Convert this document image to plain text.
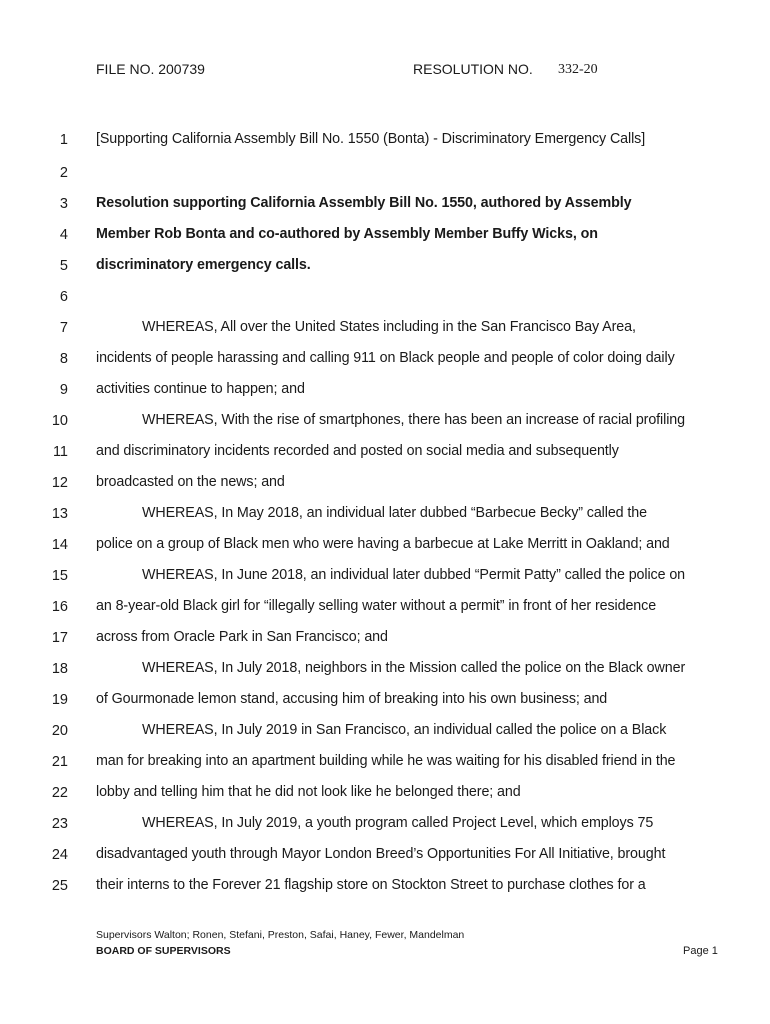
FILE NO. 200739	RESOLUTION NO. 332-20
1 [Supporting California Assembly Bill No. 1550 (Bonta) - Discriminatory Emergency Calls]
2
3 Resolution supporting California Assembly Bill No. 1550, authored by Assembly
4 Member Rob Bonta and co-authored by Assembly Member Buffy Wicks, on
5 discriminatory emergency calls.
6
7	WHEREAS, All over the United States including in the San Francisco Bay Area,
8 incidents of people harassing and calling 911 on Black people and people of color doing daily
9 activities continue to happen; and
10	WHEREAS, With the rise of smartphones, there has been an increase of racial profiling
11 and discriminatory incidents recorded and posted on social media and subsequently
12 broadcasted on the news; and
13	WHEREAS, In May 2018, an individual later dubbed “Barbecue Becky” called the
14 police on a group of Black men who were having a barbecue at Lake Merritt in Oakland; and
15	WHEREAS, In June 2018, an individual later dubbed “Permit Patty” called the police on
16 an 8-year-old Black girl for “illegally selling water without a permit” in front of her residence
17 across from Oracle Park in San Francisco; and
18	WHEREAS, In July 2018, neighbors in the Mission called the police on the Black owner
19 of Gourmonade lemon stand, accusing him of breaking into his own business; and
20	WHEREAS, In July 2019 in San Francisco, an individual called the police on a Black
21 man for breaking into an apartment building while he was waiting for his disabled friend in the
22 lobby and telling him that he did not look like he belonged there; and
23	WHEREAS, In July 2019, a youth program called Project Level, which employs 75
24 disadvantaged youth through Mayor London Breed’s Opportunities For All Initiative, brought
25 their interns to the Forever 21 flagship store on Stockton Street to purchase clothes for a
Supervisors Walton; Ronen, Stefani, Preston, Safai, Haney, Fewer, Mandelman
BOARD OF SUPERVISORS	Page 1
